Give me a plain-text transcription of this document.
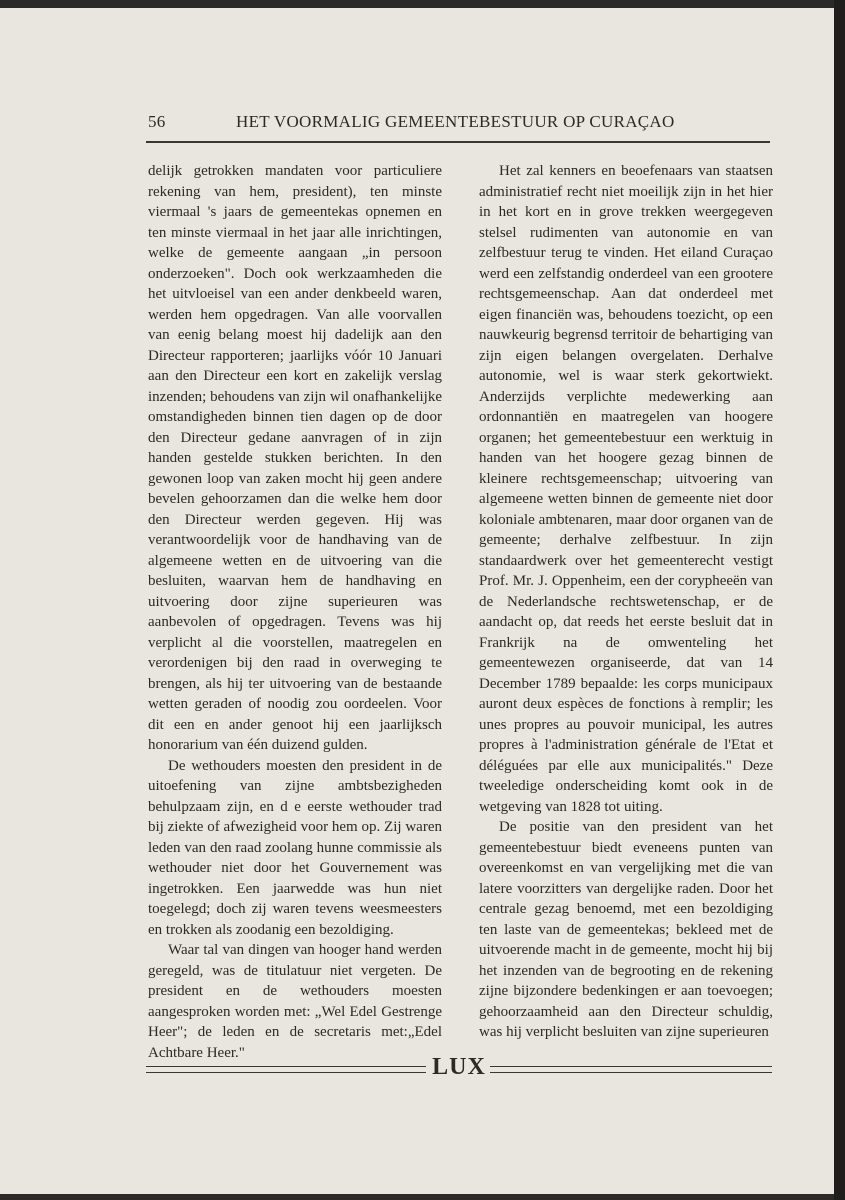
56	HET VOORMALIG GEMEENTEBESTUUR OP CURAÇAO

delijk getrokken mandaten voor particuliere rekening van hem, president), ten minste viermaal 's jaars de gemeentekas opnemen en ten minste viermaal in het jaar alle inrichtingen, welke de gemeente aangaan „in persoon onderzoeken". Doch ook werkzaamheden die het uitvloeisel van een ander denkbeeld waren, werden hem opgedragen. Van alle voorvallen van eenig belang moest hij dadelijk aan den Directeur rapporteren; jaarlijks vóór 10 Januari aan den Directeur een kort en zakelijk verslag inzenden; behoudens van zijn wil onafhankelijke omstandigheden binnen tien dagen op de door den Directeur gedane aanvragen of in zijn handen gestelde stukken berichten. In den gewonen loop van zaken mocht hij geen andere bevelen gehoorzamen dan die welke hem door den Directeur werden gegeven. Hij was verantwoordelijk voor de handhaving van de algemeene wetten en de uitvoering van die besluiten, waarvan hem de handhaving en uitvoering door zijne superieuren was aanbevolen of opgedragen. Tevens was hij verplicht al die voorstellen, maatregelen en verordenigen bij den raad in overweging te brengen, als hij ter uitvoering van de bestaande wetten geraden of noodig zou oordeelen. Voor dit een en ander genoot hij een jaarlijksch honorarium van één duizend gulden.

De wethouders moesten den president in de uitoefening van zijne ambtsbezigheden behulpzaam zijn, en d e eerste wethouder trad bij ziekte of afwezigheid voor hem op. Zij waren leden van den raad zoolang hunne commissie als wethouder niet door het Gouvernement was ingetrokken. Een jaarwedde was hun niet toegelegd; doch zij waren tevens weesmeesters en trokken als zoodanig een bezoldiging.

Waar tal van dingen van hooger hand werden geregeld, was de titulatuur niet vergeten. De president en de wethouders moesten aangesproken worden met: „Wel Edel Gestrenge Heer"; de leden en de secretaris met:„Edel Achtbare Heer."

Het zal kenners en beoefenaars van staatsen administratief recht niet moeilijk zijn in het hier in het kort en in grove trekken weergegeven stelsel rudimenten van autonomie en van zelfbestuur terug te vinden. Het eiland Curaçao werd een zelfstandig onderdeel van een grootere rechtsgemeenschap. Aan dat onderdeel met eigen financiën was, behoudens toezicht, op een nauwkeurig begrensd territoir de behartiging van zijn eigen belangen overgelaten. Derhalve autonomie, wel is waar sterk gekortwiekt. Anderzijds verplichte medewerking aan ordonnantiën en maatregelen van hoogere organen; het gemeentebestuur een werktuig in handen van het hoogere gezag binnen de kleinere rechtsgemeenschap; uitvoering van algemeene wetten binnen de gemeente niet door koloniale ambtenaren, maar door organen van de gemeente; derhalve zelfbestuur. In zijn standaardwerk over het gemeenterecht vestigt Prof. Mr. J. Oppenheim, een der corypheeën van de Nederlandsche rechtswetenschap, er de aandacht op, dat reeds het eerste besluit dat in Frankrijk na de omwenteling het gemeentewezen organiseerde, dat van 14 December 1789 bepaalde: les corps municipaux auront deux espèces de fonctions à remplir; les unes propres au pouvoir municipal, les autres propres à l'administration générale de l'Etat et déléguées par elle aux municipalités." Deze tweeledige onderscheiding komt ook in de wetgeving van 1828 tot uiting.

De positie van den president van het gemeentebestuur biedt eveneens punten van overeenkomst en van vergelijking met die van latere voorzitters van dergelijke raden. Door het centrale gezag benoemd, met een bezoldiging ten laste van de gemeentekas; bekleed met de uitvoerende macht in de gemeente, mocht hij bij het inzenden van de begrooting en de rekening zijne bijzondere bedenkingen er aan toevoegen; gehoorzaamheid aan den Directeur schuldig, was hij verplicht besluiten van zijne superieuren

LUX
